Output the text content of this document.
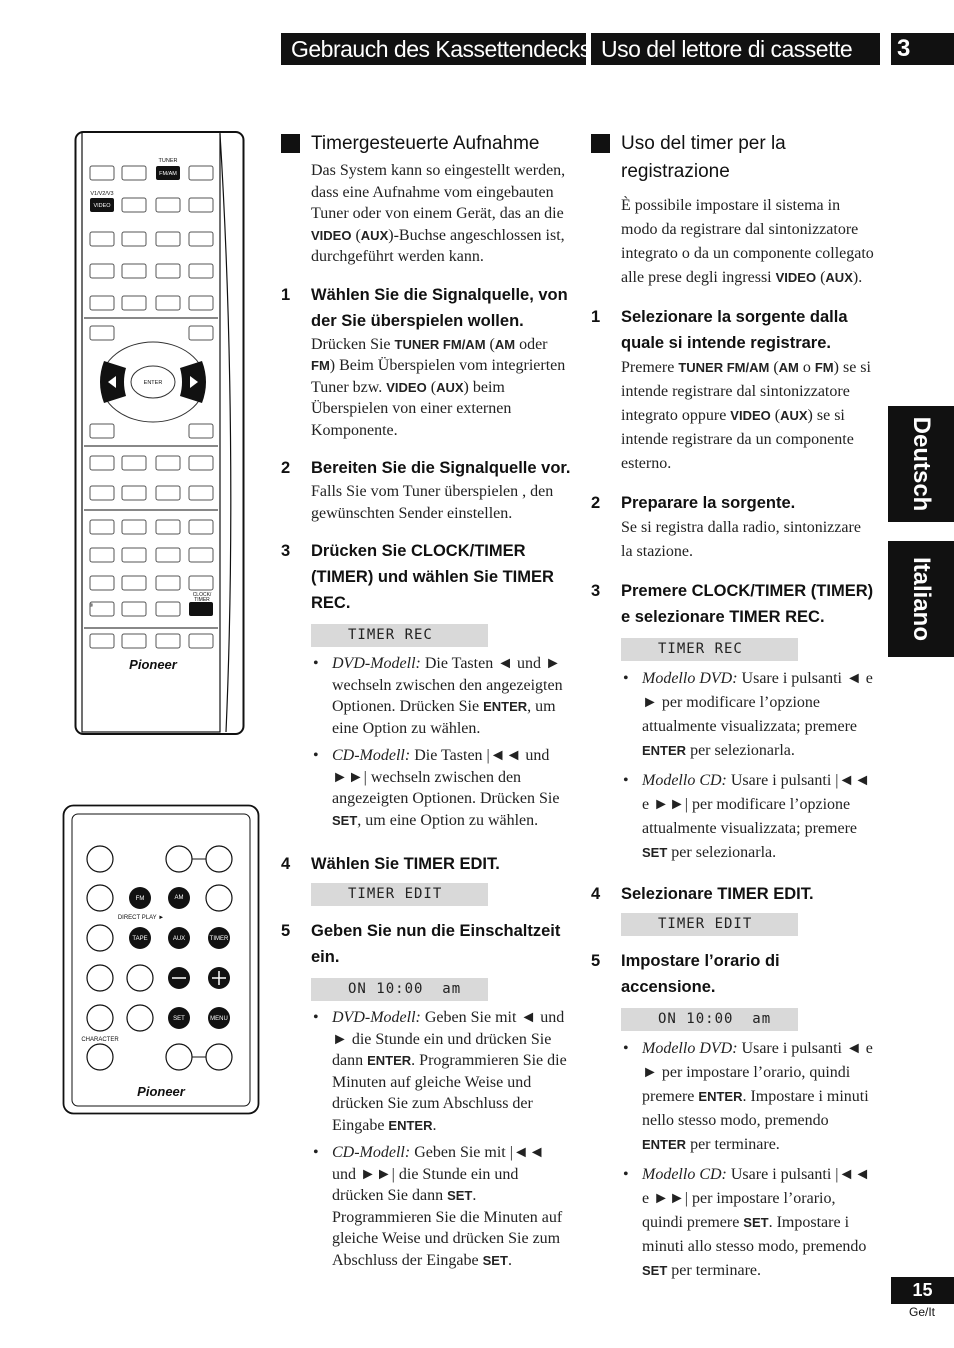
Gebrauch des Kassettendecks Uso del lettore di cassette	3
Deutsch
Italiano
TUNER
FM/AM
V1/V2/V3
VIDEO
ENTER
CLOCK/
TIMER
Pioneer
FM	AM
DIRECT PLAY ►
TAPE	AUX	TIMER
SET	MENU
CHARACTER
Pioneer
Timergesteuerte Aufnahme
Das System kann so eingestellt werden, dass eine Aufnahme vom eingebauten Tuner oder von einem Gerät, das an die VIDEO (AUX)-Buchse angeschlossen ist, durchgeführt werden kann.
1 Wählen Sie die Signalquelle, von der Sie überspielen wollen.
Drücken Sie TUNER FM/AM (AM oder FM) Beim Überspielen vom integrierten Tuner bzw. VIDEO (AUX) beim Überspielen von einer externen Komponente.
2 Bereiten Sie die Signalquelle vor.
Falls Sie vom Tuner überspielen , den gewünschten Sender einstellen.
3 Drücken Sie CLOCK/TIMER (TIMER) und wählen Sie TIMER REC.
TIMER REC
• DVD-Modell: Die Tasten ◄ und ► wechseln zwischen den angezeigten Optionen. Drücken Sie ENTER, um eine Option zu wählen.
• CD-Modell: Die Tasten |◄◄ und ►►| wechseln zwischen den angezeigten Optionen. Drücken Sie SET, um eine Option zu wählen.
4 Wählen Sie TIMER EDIT.
TIMER EDIT
5 Geben Sie nun die Einschaltzeit ein.
ON 10:00  am
• DVD-Modell: Geben Sie mit ◄ und ► die Stunde ein und drücken Sie dann ENTER. Programmieren Sie die Minuten auf gleiche Weise und drücken Sie zum Abschluss der Eingabe ENTER.
• CD-Modell: Geben Sie mit |◄◄ und ►►| die Stunde ein und drücken Sie dann SET. Programmieren Sie die Minuten auf gleiche Weise und drücken Sie zum Abschluss der Eingabe SET.
Uso del timer per la registrazione
È possibile impostare il sistema in modo da registrare dal sintonizzatore integrato o da un componente collegato alle prese degli ingressi VIDEO (AUX).
1 Selezionare la sorgente dalla quale si intende registrare.
Premere TUNER FM/AM (AM o FM) se si intende registrare dal sintonizzatore integrato oppure VIDEO (AUX) se si intende registrare da un componente esterno.
2 Preparare la sorgente.
Se si registra dalla radio, sintonizzare la stazione.
3 Premere CLOCK/TIMER (TIMER) e selezionare TIMER REC.
TIMER REC
• Modello DVD: Usare i pulsanti ◄ e ► per modificare l’opzione attualmente visualizzata; premere ENTER per selezionarla.
• Modello CD: Usare i pulsanti |◄◄ e ►►| per modificare l’opzione attualmente visualizzata; premere SET per selezionarla.
4 Selezionare TIMER EDIT.
TIMER EDIT
5 Impostare l’orario di accensione.
ON 10:00  am
• Modello DVD: Usare i pulsanti ◄ e ► per impostare l’orario, quindi premere ENTER. Impostare i minuti nello stesso modo, premendo ENTER per terminare.
• Modello CD: Usare i pulsanti |◄◄ e ►►| per impostare l’orario, quindi premere SET. Impostare i minuti allo stesso modo, premendo SET per terminare.
15
Ge/It
